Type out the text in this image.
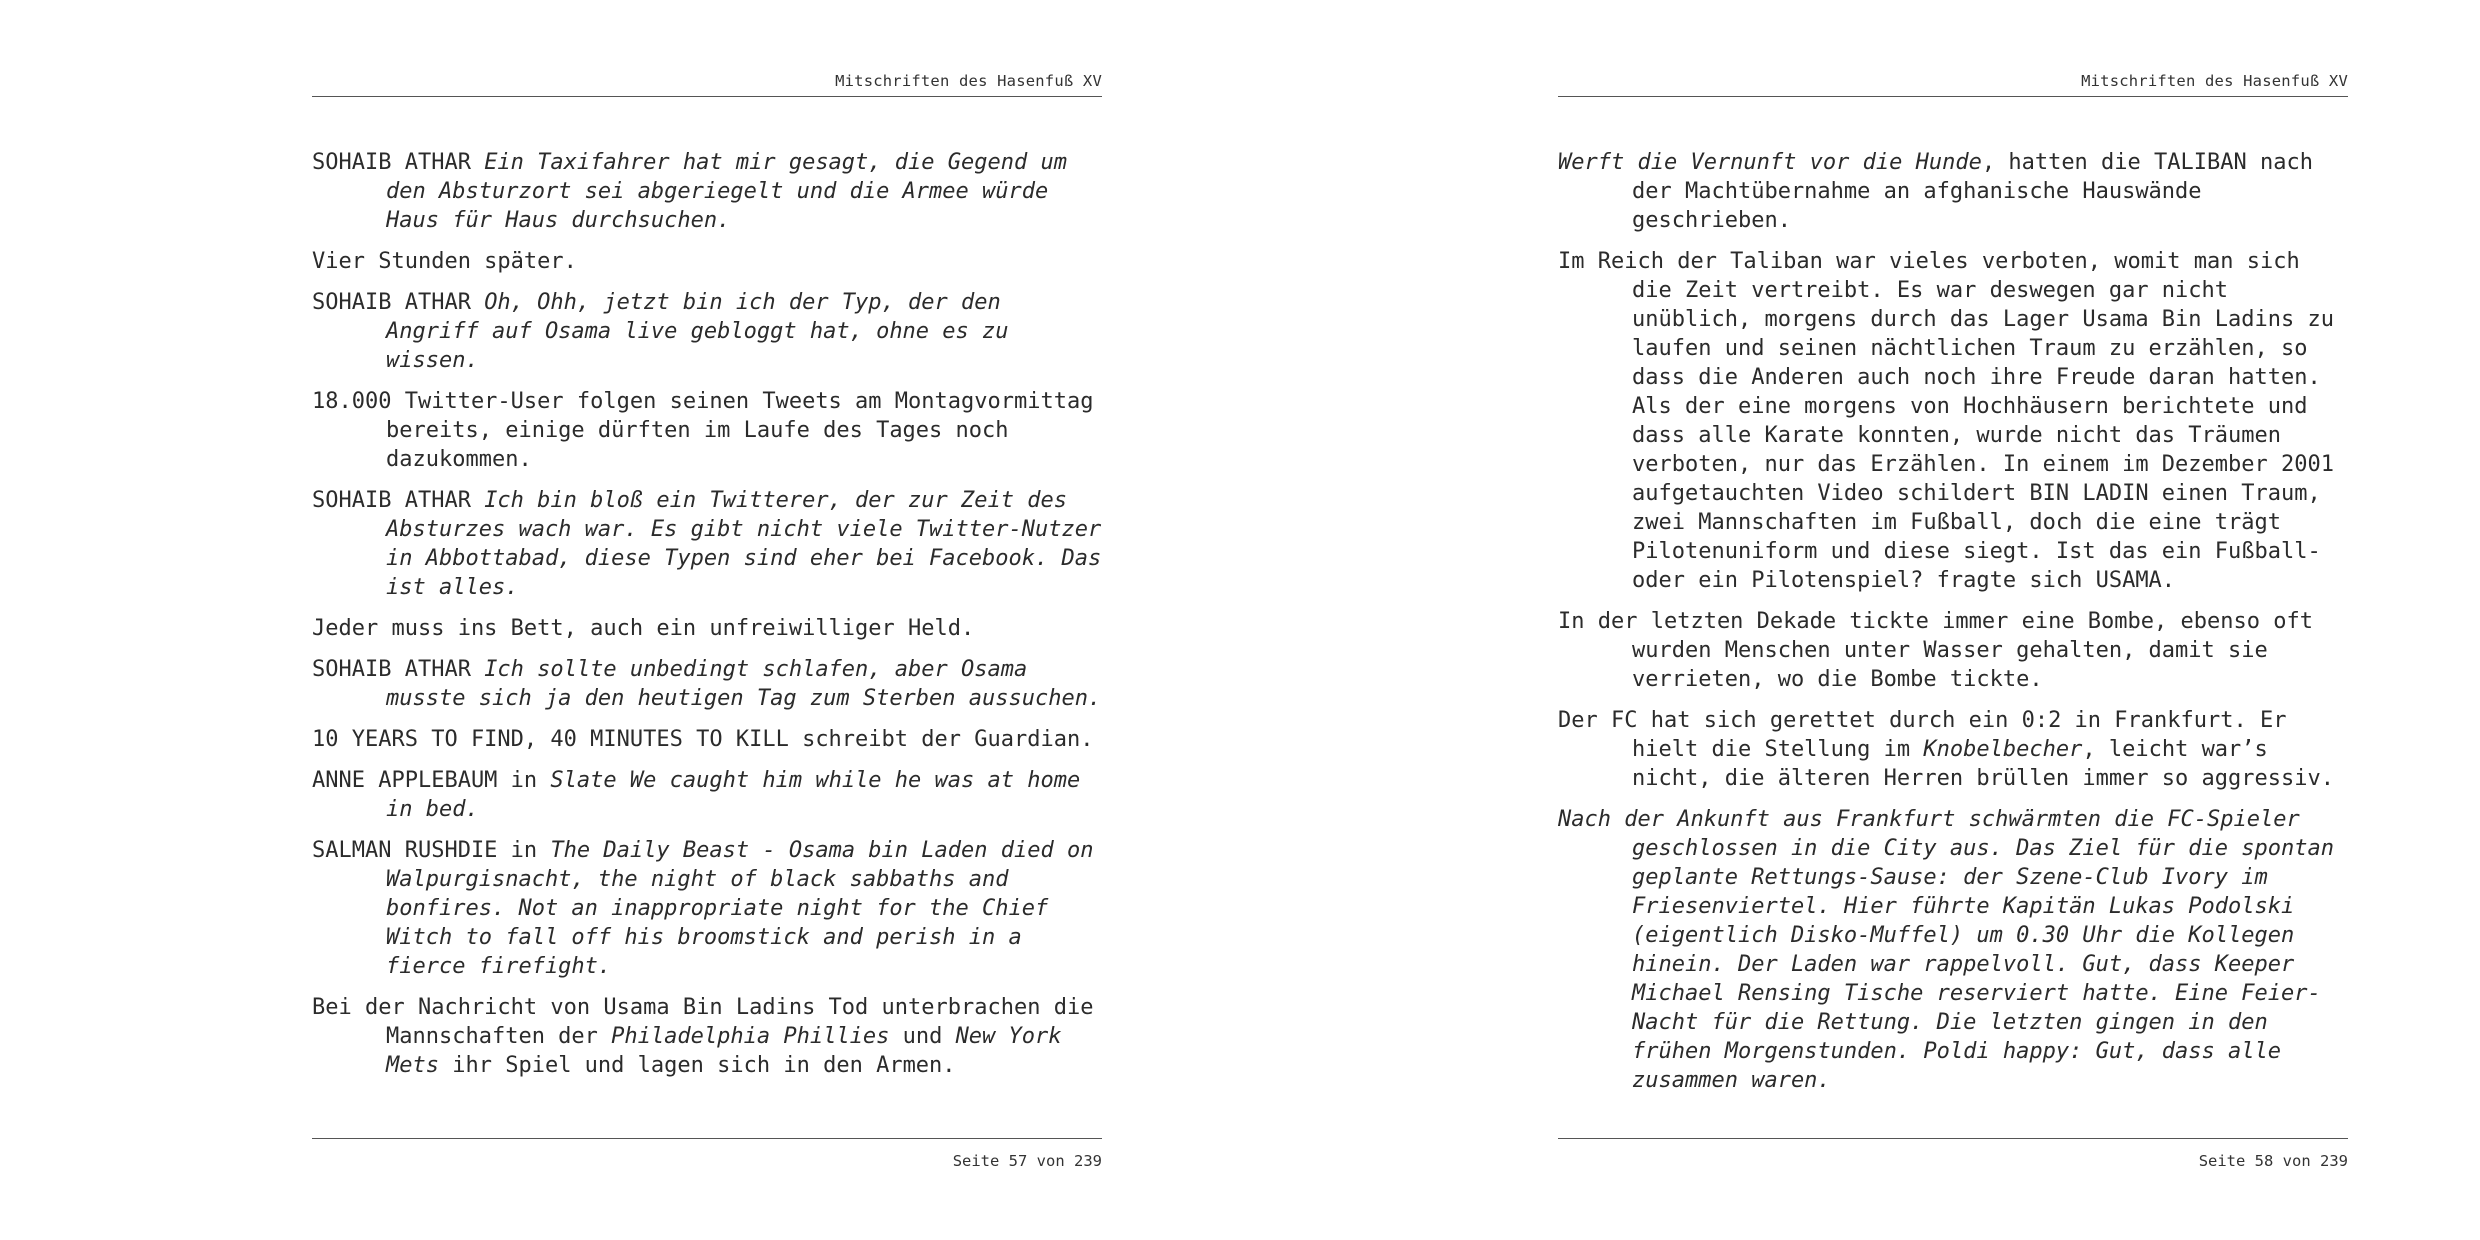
Mitschriften des Hasenfuß XV

SOHAIB ATHAR Ein Taxifahrer hat mir gesagt, die Gegend um den Absturzort sei abgeriegelt und die Armee würde Haus für Haus durchsuchen.

Vier Stunden später.

SOHAIB ATHAR Oh, Ohh, jetzt bin ich der Typ, der den Angriff auf Osama live gebloggt hat, ohne es zu wissen.

18.000 Twitter-User folgen seinen Tweets am Montagvormittag bereits, einige dürften im Laufe des Tages noch dazukommen.

SOHAIB ATHAR Ich bin bloß ein Twitterer, der zur Zeit des Absturzes wach war. Es gibt nicht viele Twitter-Nutzer in Abbottabad, diese Typen sind eher bei Facebook. Das ist alles.

Jeder muss ins Bett, auch ein unfreiwilliger Held.

SOHAIB ATHAR Ich sollte unbedingt schlafen, aber Osama musste sich ja den heutigen Tag zum Sterben aussuchen.

10 YEARS TO FIND, 40 MINUTES TO KILL schreibt der Guardian.

ANNE APPLEBAUM in Slate We caught him while he was at home in bed.

SALMAN RUSHDIE in The Daily Beast - Osama bin Laden died on Walpurgisnacht, the night of black sabbaths and bonfires. Not an inappropriate night for the Chief Witch to fall off his broomstick and perish in a fierce firefight.

Bei der Nachricht von Usama Bin Ladins Tod unterbrachen die Mannschaften der Philadelphia Phillies und New York Mets ihr Spiel und lagen sich in den Armen.

Seite 57 von 239
Mitschriften des Hasenfuß XV

Werft die Vernunft vor die Hunde, hatten die TALIBAN nach der Machtübernahme an afghanische Hauswände geschrieben.

Im Reich der Taliban war vieles verboten, womit man sich die Zeit vertreibt. Es war deswegen gar nicht unüblich, morgens durch das Lager Usama Bin Ladins zu laufen und seinen nächtlichen Traum zu erzählen, so dass die Anderen auch noch ihre Freude daran hatten. Als der eine morgens von Hochhäusern berichtete und dass alle Karate konnten, wurde nicht das Träumen verboten, nur das Erzählen. In einem im Dezember 2001 aufgetauchten Video schildert BIN LADIN einen Traum, zwei Mannschaften im Fußball, doch die eine trägt Pilotenuniform und diese siegt. Ist das ein Fußball- oder ein Pilotenspiel? fragte sich USAMA.

In der letzten Dekade tickte immer eine Bombe, ebenso oft wurden Menschen unter Wasser gehalten, damit sie verrieten, wo die Bombe tickte.

Der FC hat sich gerettet durch ein 0:2 in Frankfurt. Er hielt die Stellung im Knobelbecher, leicht war’s nicht, die älteren Herren brüllen immer so aggressiv.

Nach der Ankunft aus Frankfurt schwärmten die FC-Spieler geschlossen in die City aus. Das Ziel für die spontan geplante Rettungs-Sause: der Szene-Club Ivory im Friesenviertel. Hier führte Kapitän Lukas Podolski (eigentlich Disko-Muffel) um 0.30 Uhr die Kollegen hinein. Der Laden war rappelvoll. Gut, dass Keeper Michael Rensing Tische reserviert hatte. Eine Feier-Nacht für die Rettung. Die letzten gingen in den frühen Morgenstunden. Poldi happy: Gut, dass alle zusammen waren.

Seite 58 von 239
